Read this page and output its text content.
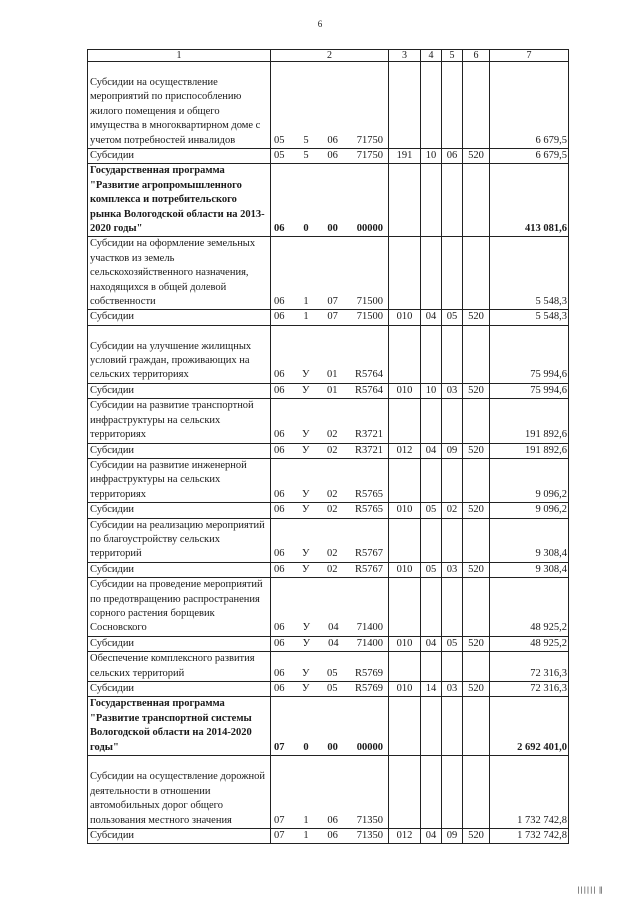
6
1	2	3	4	5	6	7
Субсидии на осуществление мероприятий по приспособлению жилого помещения и общего имущества в многоквартирном доме с учетом потребностей инвалидов	05 5 06 71750					6 679,5
Субсидии	05 5 06 71750	191	10	06	520	6 679,5
Государственная программа "Развитие агропромышленного комплекса и потребительского рынка Вологодской области на 2013-2020 годы"	06 0 00 00000					413 081,6
Субсидии на оформление земельных участков из земель сельскохозяйственного назначения, находящихся в общей долевой собственности	06 1 07 71500					5 548,3
Субсидии	06 1 07 71500	010	04	05	520	5 548,3
Субсидии на улучшение жилищных условий граждан, проживающих на сельских территориях	06 У 01 R5764					75 994,6
Субсидии	06 У 01 R5764	010	10	03	520	75 994,6
Субсидии на развитие транспортной инфраструктуры на сельских территориях	06 У 02 R3721					191 892,6
Субсидии	06 У 02 R3721	012	04	09	520	191 892,6
Субсидии на развитие инженерной инфраструктуры на сельских территориях	06 У 02 R5765					9 096,2
Субсидии	06 У 02 R5765	010	05	02	520	9 096,2
Субсидии на реализацию мероприятий по благоустройству сельских территорий	06 У 02 R5767					9 308,4
Субсидии	06 У 02 R5767	010	05	03	520	9 308,4
Субсидии на проведение мероприятий по предотвращению распространения сорного растения борщевик Сосновского	06 У 04 71400					48 925,2
Субсидии	06 У 04 71400	010	04	05	520	48 925,2
Обеспечение комплексного развития сельских территорий	06 У 05 R5769					72 316,3
Субсидии	06 У 05 R5769	010	14	03	520	72 316,3
Государственная программа "Развитие транспортной системы Вологодской области на 2014-2020 годы"	07 0 00 00000					2 692 401,0
Субсидии на осуществление дорожной деятельности в отношении автомобильных дорог общего пользования местного значения	07 1 06 71350					1 732 742,8
Субсидии	07 1 06 71350	012	04	09	520	1 732 742,8
|||||| ‖
